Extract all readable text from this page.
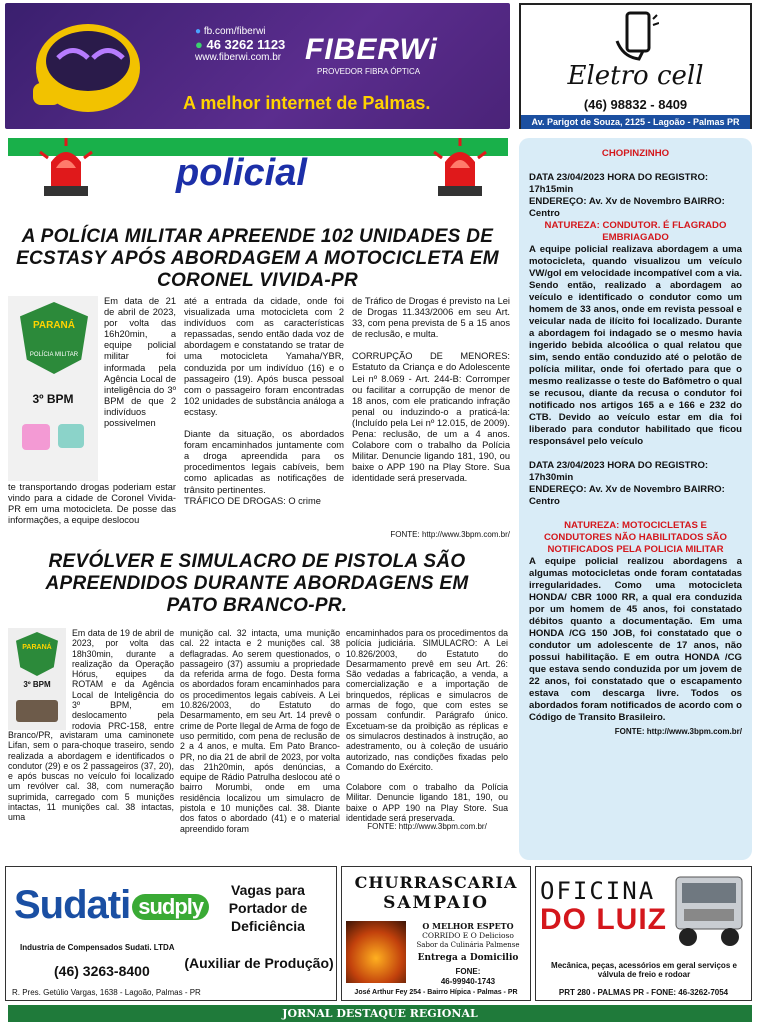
● fb.com/fiberwi
● 46 3262 1123
www.fiberwi.com.br FIBERWi
PROVEDOR FIBRA ÓPTICA
A melhor internet de Palmas.
Eletro cell
(46) 98832 - 8409
Av. Parigot de Souza, 2125 - Lagoão - Palmas PR
policial
A POLÍCIA MILITAR APREENDE 102 UNIDADES DE ECSTASY APÓS ABORDAGEM A MOTOCICLETA EM CORONEL VIVIDA-PR
PARANÁ
POLÍCIA MILITAR
3º BPM
Em data de 21 de abril de 2023, por volta das 16h20min, a equipe policial militar foi informada pela Agência Local de inteligência do 3º BPM de que 2 indivíduos possivelmen
te transportando drogas poderiam estar vindo para a cidade de Coronel Vivida-PR em uma motocicleta. De posse das informações, a equipe deslocou

até a entrada da cidade, onde foi visualizada uma motocicleta com 2 indivíduos com as características repassadas, sendo então dada voz de abordagem e constatando se tratar de uma motocicleta Yamaha/YBR, conduzida por um indivíduo (16) e o passageiro (19). Após busca pessoal com o passageiro foram encontradas 102 unidades de substância análoga a ecstasy.

Diante da situação, os abordados foram encaminhados juntamente com a droga apreendida para os procedimentos legais cabíveis, bem como aplicadas as notificações de trânsito pertinentes.

TRÁFICO DE DROGAS: O crime

de Tráfico de Drogas é previsto na Lei de Drogas 11.343/2006 em seu Art. 33, com pena prevista de 5 a 15 anos de reclusão, e multa.

CORRUPÇÃO DE MENORES: Estatuto da Criança e do Adolescente Lei nº 8.069 - Art. 244-B: Corromper ou facilitar a corrupção de menor de 18 anos, com ele praticando infração penal ou induzindo-o a praticá-la: (Incluído pela Lei nº 12.015, de 2009). Pena: reclusão, de um a 4 anos. Colabore com o trabalho da Polícia Militar. Denuncie ligando 181, 190, ou baixe o APP 190 na Play Store. Sua identidade será preservada.

FONTE: http://www.3bpm.com.br/
REVÓLVER E SIMULACRO DE PISTOLA SÃO APREENDIDOS DURANTE ABORDAGENS EM PATO BRANCO-PR.
PARANÁ
3º BPM
Em data de 19 de abril de 2023, por volta das 18h30min, durante a realização da Operação Hórus, equipes da ROTAM e da Agência Local de Inteligência do 3º BPM, em deslocamento pela rodovia PRC-158, entre
Branco/PR, avistaram uma caminonete Lifan, sem o para-choque traseiro, sendo realizada a abordagem e identificados o condutor (29) e os 2 passageiros (37, 20), e após buscas no veículo foi localizado um revólver cal. 38, com numeração suprimida, carregado com 5 munições intactas, 11 munições cal. 38 intactas, uma
munição cal. 32 intacta, uma munição cal. 22 intacta e 2 munições cal. 38 deflagradas. Ao serem questionados, o passageiro (37) assumiu a propriedade da referida arma de fogo. Desta forma os abordados foram encaminhados para os procedimentos legais cabíveis. A Lei 10.826/2003, do Estatuto do Desarmamento, em seu Art. 14 prevê o crime de Porte Ilegal de Arma de fogo de uso permitido, com pena de reclusão de 2 a 4 anos, e multa. Em Pato Branco-PR, no dia 21 de abril de 2023, por volta das 21h20min, após denúncias, a equipe de Rádio Patrulha deslocou até o bairro Morumbi, onde em uma residência localizou um simulacro de pistola e 10 munições cal. 38. Diante dos fatos o abordado (41) e o material apreendido foram

encaminhados para os procedimentos da polícia judiciária. SIMULACRO: A Lei 10.826/2003, do Estatuto do Desarmamento prevê em seu Art. 26: São vedadas a fabricação, a venda, a comercialização e a importação de brinquedos, réplicas e simulacros de armas de fogo, que com estes se possam confundir. Parágrafo único. Excetuam-se da proibição as réplicas e os simulacros destinados à instrução, ao adestramento, ou à coleção de usuário autorizado, nas condições fixadas pelo Comando do Exército.

Colabore com o trabalho da Polícia Militar. Denuncie ligando 181, 190, ou baixe o APP 190 na Play Store. Sua identidade será preservada.

FONTE: http://www.3bpm.com.br/
CHOPINZINHO
DATA 23/04/2023 HORA DO REGISTRO: 17h15min
ENDEREÇO: Av. Xv de Novembro BAIRRO: Centro
NATUREZA: CONDUTOR. É FLAGRADO EMBRIAGADO
A equipe policial realizava abordagem a uma motocicleta, quando visualizou um veículo VW/gol em velocidade incompatível com a via. Sendo então, realizado a abordagem ao veículo e identificado o condutor como um homem de 33 anos, onde em revista pessoal e veicular nada de ilícito foi localizado. Durante a abordagem foi indagado se o mesmo havia ingerido bebida alcoólica o qual relatou que sim, sendo então conduzido até o pelotão de polícia militar, onde foi ofertado para que o mesmo realizasse o teste do Bafômetro o qual se recusou, diante da recusa o condutor foi notificado nos artigos 165 a e 166 e 232 do CTB. Devido ao veículo estar em dia foi liberado para condutor habilitado que ficou responsável pelo veículo
DATA 23/04/2023 HORA DO REGISTRO: 17h30min
ENDEREÇO: Av. Xv de Novembro BAIRRO: Centro
NATUREZA: MOTOCICLETAS E CONDUTORES NÃO HABILITADOS SÃO NOTIFICADOS PELA POLICIA MILITAR
A equipe policial realizou abordagens a algumas motocicletas onde foram contatadas irregularidades. Como uma motocicleta HONDA/ CBR 1000 RR, a qual era conduzida por um homem de 45 anos, foi constatado débitos quanto a documentação. Em uma HONDA /CG 150 JOB, foi constatado que o condutor um adolescente de 17 anos, não possui habilitação. E em outra HONDA /CG que estava sendo conduzida por um jovem de 22 anos, foi constatado que o escapamento estava com descarga livre. Todos os abordados foram notificados de acordo com o Código de Transito Brasileiro.
FONTE: http://www.3bpm.com.br/
Sudati sudply
Industria de Compensados Sudati. LTDA
(46) 3263-8400
R. Pres. Getúlio Vargas, 1638 - Lagoão, Palmas - PR
Vagas para Portador de Deficiência
(Auxiliar de Produção)
CHURRASCARIA
SAMPAIO
O MELHOR ESPETO
CORRIDO E O Delicioso
Sabor da Culinária Palmense
Entrega a Domicilio
FONE:
46-99940-1743
José Arthur Fey 254 - Bairro Hípica - Palmas - PR
OFICINA
DO LUIZ
Mecânica, peças, acessórios em geral serviços e válvula de freio e rodoar
PRT 280 - PALMAS PR - FONE: 46-3262-7054
JORNAL DESTAQUE REGIONAL
